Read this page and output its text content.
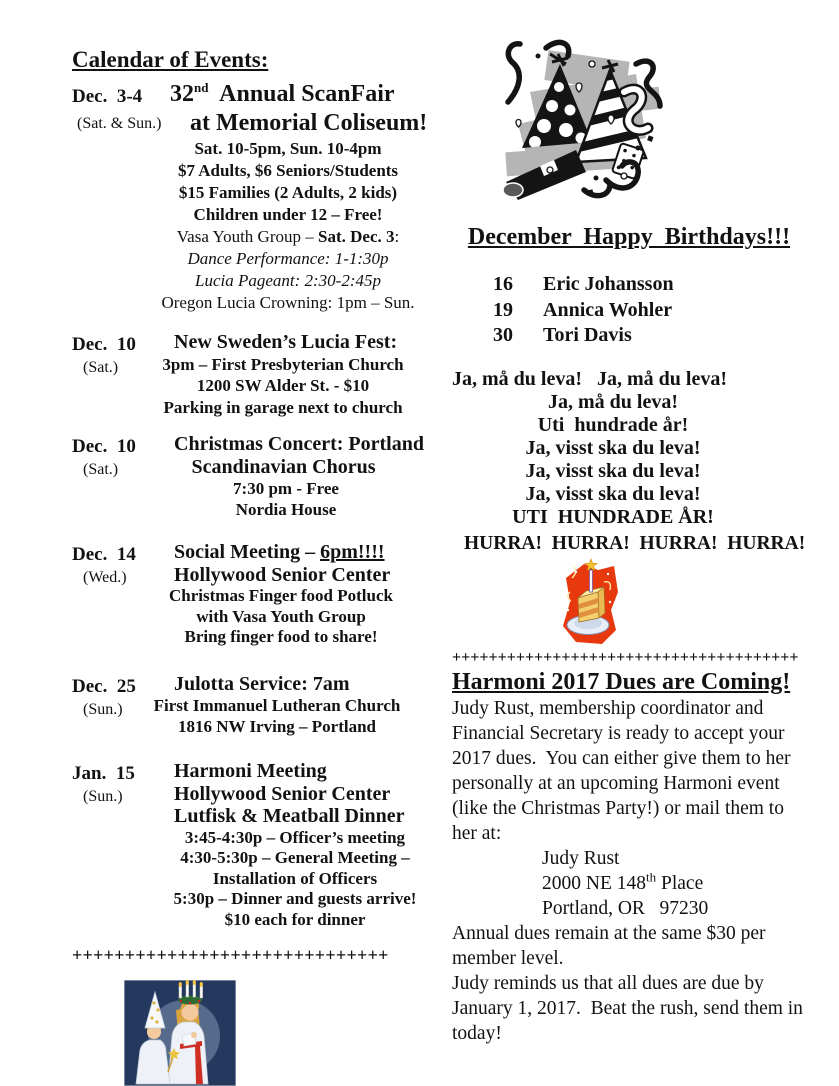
Calendar of Events:
Dec.  3-4
(Sat. & Sun.)
32nd  Annual ScanFair
at Memorial Coliseum!
Sat. 10-5pm, Sun. 10-4pm
$7 Adults, $6 Seniors/Students
$15 Families (2 Adults, 2 kids)
Children under 12 – Free!
Vasa Youth Group – Sat. Dec. 3:
Dance Performance: 1-1:30p
Lucia Pageant: 2:30-2:45p
Oregon Lucia Crowning: 1pm – Sun.
Dec.  10
(Sat.)
New Sweden’s Lucia Fest:
3pm – First Presbyterian Church
1200 SW Alder St. - $10
Parking in garage next to church
Dec.  10
(Sat.)
Christmas Concert: Portland
Scandinavian Chorus
7:30 pm - Free
Nordia House
Dec.  14
(Wed.)
Social Meeting – 6pm!!!!
Hollywood Senior Center
Christmas Finger food Potluck
with Vasa Youth Group
Bring finger food to share!
Dec.  25
(Sun.)
Julotta Service: 7am
First Immanuel Lutheran Church
1816 NW Irving – Portland
Jan.  15
(Sun.)
Harmoni Meeting
Hollywood Senior Center
Lutfisk & Meatball Dinner
3:45-4:30p – Officer’s meeting
4:30-5:30p – General Meeting –
Installation of Officers
5:30p – Dinner and guests arrive!
$10 each for dinner
++++++++++++++++++++++++++++++
December  Happy  Birthdays!!!
16	Eric Johansson
19	Annica Wohler
30	Tori Davis
Ja, må du leva!   Ja, må du leva!
Ja, må du leva!
Uti  hundrade år!
Ja, visst ska du leva!
Ja, visst ska du leva!
Ja, visst ska du leva!
UTI  HUNDRADE ÅR!
HURRA!  HURRA!  HURRA!  HURRA!
++++++++++++++++++++++++++++++++++++++
Harmoni 2017 Dues are Coming!
Judy Rust, membership coordinator and Financial Secretary is ready to accept your 2017 dues.  You can either give them to her personally at an upcoming Harmoni event (like the Christmas Party!) or mail them to her at:
Judy Rust
2000 NE 148th Place
Portland, OR   97230
Annual dues remain at the same $30 per member level.
Judy reminds us that all dues are due by January 1, 2017.  Beat the rush, send them in today!
